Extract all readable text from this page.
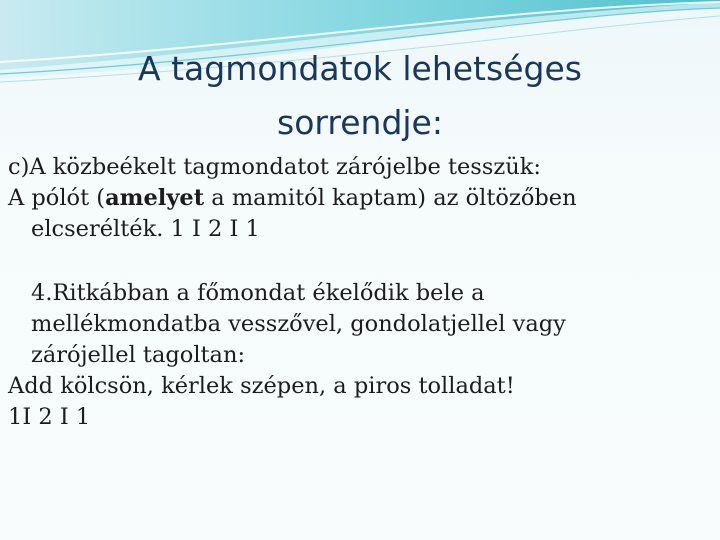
A tagmondatok lehetséges
sorrendje:
c)A közbeékelt tagmondatot zárójelbe tesszük:
A pólót (amelyet a mamitól kaptam) az öltözőben
elcserélték. 1 I 2 I 1
4.Ritkábban a főmondat ékelődik bele a
mellékmondatba vesszővel, gondolatjellel vagy
zárójellel tagoltan:
Add kölcsön, kérlek szépen, a piros tolladat!
1I 2 I 1
